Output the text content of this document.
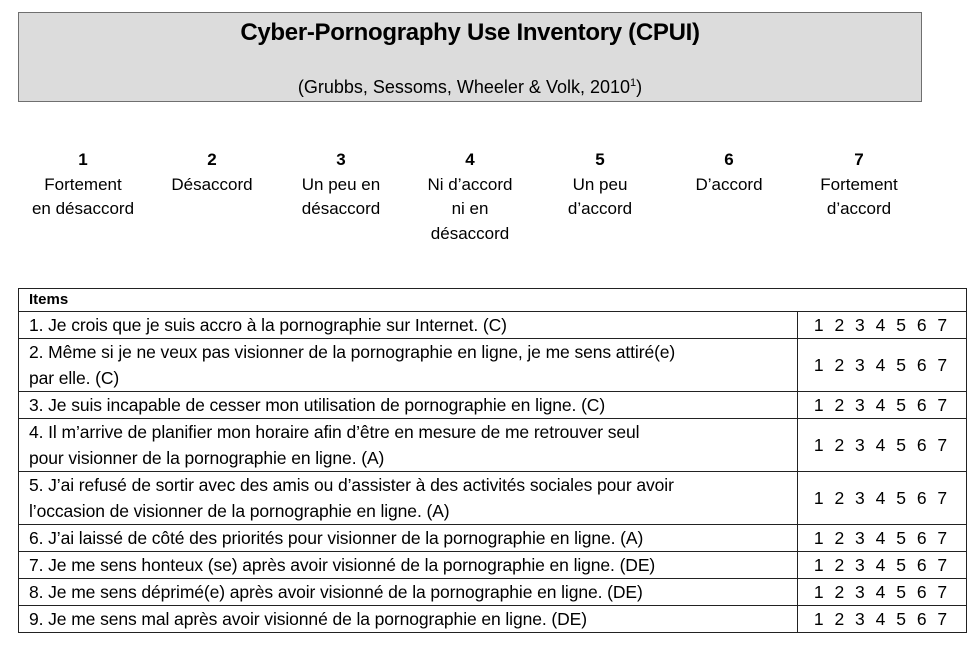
Cyber-Pornography Use Inventory (CPUI)
(Grubbs, Sessoms, Wheeler & Volk, 2010$^1$)
1
Fortement
en désaccord
2
Désaccord
3
Un peu en
désaccord
4
Ni d’accord
ni en
désaccord
5
Un peu
d’accord
6
D’accord
7
Fortement
d’accord
Items	
1. Je crois que je suis accro à la pornographie sur Internet. (C)	1 2 3 4 5 6 7

2. Même si je ne veux pas visionner de la pornographie en ligne, je me sens attiré(e)
par elle. (C)	1 2 3 4 5 6 7
3. Je suis incapable de cesser mon utilisation de pornographie en ligne. (C)	1 2 3 4 5 6 7

4. Il m’arrive de planifier mon horaire afin d’être en mesure de me retrouver seul
pour visionner de la pornographie en ligne. (A)	1 2 3 4 5 6 7

5. J’ai refusé de sortir avec des amis ou d’assister à des activités sociales pour avoir
l’occasion de visionner de la pornographie en ligne. (A)	1 2 3 4 5 6 7
6. J’ai laissé de côté des priorités pour visionner de la pornographie en ligne. (A)	1 2 3 4 5 6 7
7. Je me sens honteux (se) après avoir visionné de la pornographie en ligne. (DE)	1 2 3 4 5 6 7
8. Je me sens déprimé(e) après avoir visionné de la pornographie en ligne. (DE)	1 2 3 4 5 6 7
9. Je me sens mal après avoir visionné de la pornographie en ligne. (DE)	1 2 3 4 5 6 7
